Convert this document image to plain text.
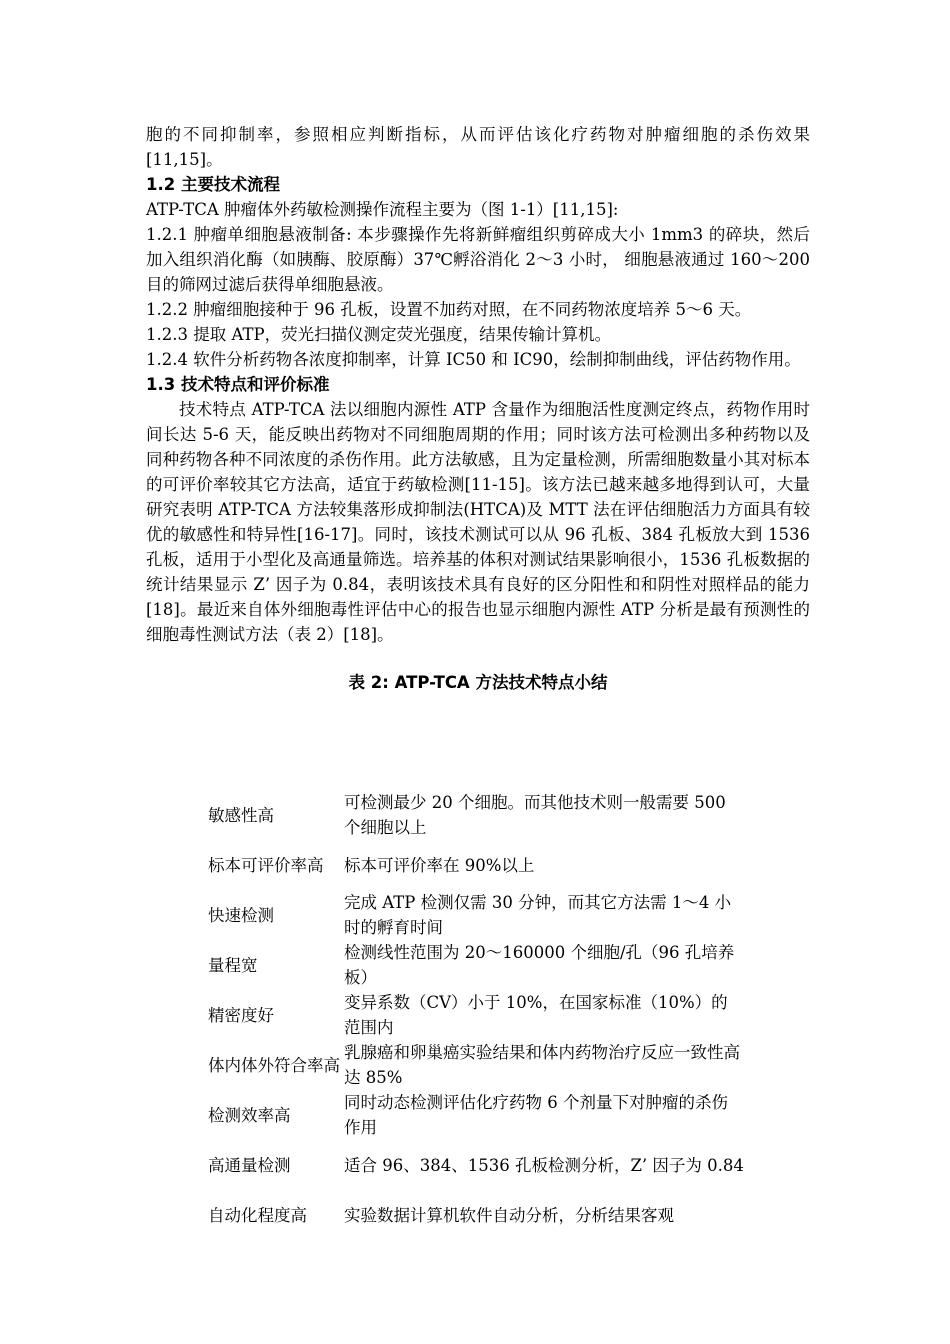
胞的不同抑制率，参照相应判断指标，从而评估该化疗药物对肿瘤细胞的杀伤效果[11,15]。

1.2 主要技术流程

ATP-TCA 肿瘤体外药敏检测操作流程主要为（图 1-1）[11,15]:

1.2.1 肿瘤单细胞悬液制备: 本步骤操作先将新鲜瘤组织剪碎成大小 1mm3 的碎块，然后加入组织消化酶（如胰酶、胶原酶）37℃孵浴消化 2～3 小时， 细胞悬液通过 160～200 目的筛网过滤后获得单细胞悬液。

1.2.2 肿瘤细胞接种于 96 孔板，设置不加药对照，在不同药物浓度培养 5～6 天。

1.2.3 提取 ATP，荧光扫描仪测定荧光强度，结果传输计算机。

1.2.4 软件分析药物各浓度抑制率，计算 IC50 和 IC90，绘制抑制曲线，评估药物作用。

1.3 技术特点和评价标准

技术特点 ATP-TCA 法以细胞内源性 ATP 含量作为细胞活性度测定终点，药物作用时间长达 5-6 天，能反映出药物对不同细胞周期的作用；同时该方法可检测出多种药物以及同种药物各种不同浓度的杀伤作用。此方法敏感，且为定量检测，所需细胞数量小其对标本的可评价率较其它方法高，适宜于药敏检测[11-15]。该方法已越来越多地得到认可，大量研究表明 ATP-TCA 方法较集落形成抑制法(HTCA)及 MTT 法在评估细胞活力方面具有较优的敏感性和特异性[16-17]。同时，该技术测试可以从 96 孔板、384 孔板放大到 1536 孔板，适用于小型化及高通量筛选。培养基的体积对测试结果影响很小，1536 孔板数据的统计结果显示 Z’ 因子为 0.84，表明该技术具有良好的区分阳性和和阴性对照样品的能力[18]。最近来自体外细胞毒性评估中心的报告也显示细胞内源性 ATP 分析是最有预测性的细胞毒性测试方法（表 2）[18]。

表 2: ATP-TCA 方法技术特点小结

敏感性高	可检测最少 20 个细胞。而其他技术则一般需要 500 个细胞以上
标本可评价率高	标本可评价率在 90%以上
快速检测	完成 ATP 检测仅需 30 分钟，而其它方法需 1～4 小时的孵育时间
量程宽	检测线性范围为 20～160000 个细胞/孔（96 孔培养板）
精密度好	变异系数（CV）小于 10%，在国家标准（10%）的范围内
体内体外符合率高	乳腺癌和卵巢癌实验结果和体内药物治疗反应一致性高达 85%
检测效率高	同时动态检测评估化疗药物 6 个剂量下对肿瘤的杀伤作用
高通量检测	适合 96、384、1536 孔板检测分析，Z’ 因子为 0.84
自动化程度高	实验数据计算机软件自动分析，分析结果客观
